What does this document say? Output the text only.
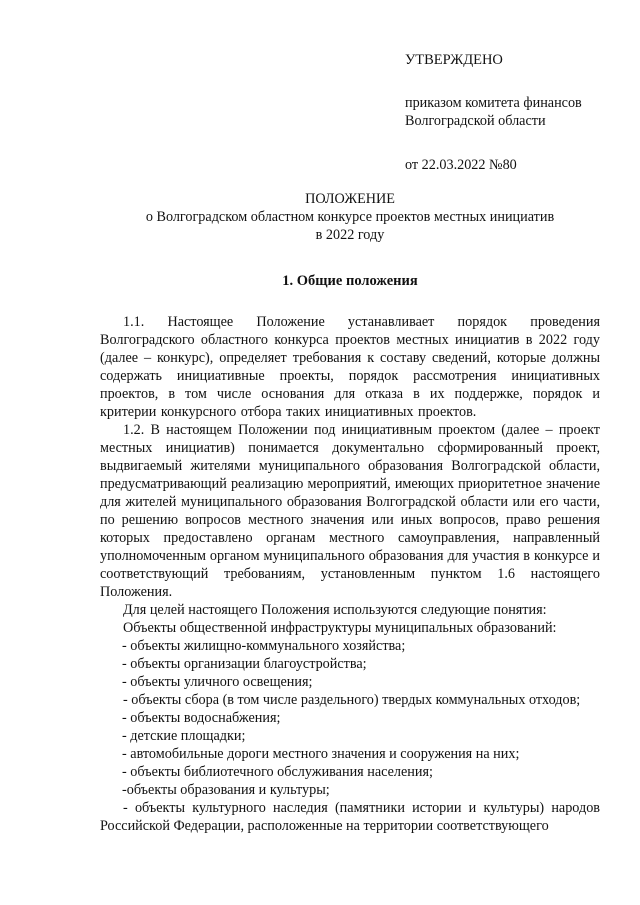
УТВЕРЖДЕНО
приказом комитета финансов
Волгоградской области
от 22.03.2022 №80
ПОЛОЖЕНИЕ
о Волгоградском областном конкурсе проектов местных инициатив
в 2022 году
1. Общие положения

1.1. Настоящее Положение устанавливает порядок проведения Волгоградского областного конкурса проектов местных инициатив в 2022 году (далее – конкурс), определяет требования к составу сведений, которые должны содержать инициативные проекты, порядок рассмотрения инициативных проектов, в том числе основания для отказа в их поддержке, порядок и критерии конкурсного отбора таких инициативных проектов.

1.2. В настоящем Положении под инициативным проектом (далее – проект местных инициатив) понимается документально сформированный проект, выдвигаемый жителями муниципального образования Волгоградской области, предусматривающий реализацию мероприятий, имеющих приоритетное значение для жителей муниципального образования Волгоградской области или его части, по решению вопросов местного значения или иных вопросов, право решения которых предоставлено органам местного самоуправления, направленный уполномоченным органом муниципального образования для участия в конкурсе и соответствующий требованиям, установленным пунктом 1.6 настоящего Положения.

Для целей настоящего Положения используются следующие понятия:

Объекты общественной инфраструктуры муниципальных образований:

- объекты жилищно-коммунального хозяйства;

- объекты организации благоустройства;

- объекты уличного освещения;

- объекты сбора (в том числе раздельного) твердых коммунальных отходов;

- объекты водоснабжения;

- детские площадки;

- автомобильные дороги местного значения и сооружения на них;

- объекты библиотечного обслуживания населения;

-объекты образования и культуры;

- объекты культурного наследия (памятники истории и культуры) народов Российской Федерации, расположенные на территории соответствующего
